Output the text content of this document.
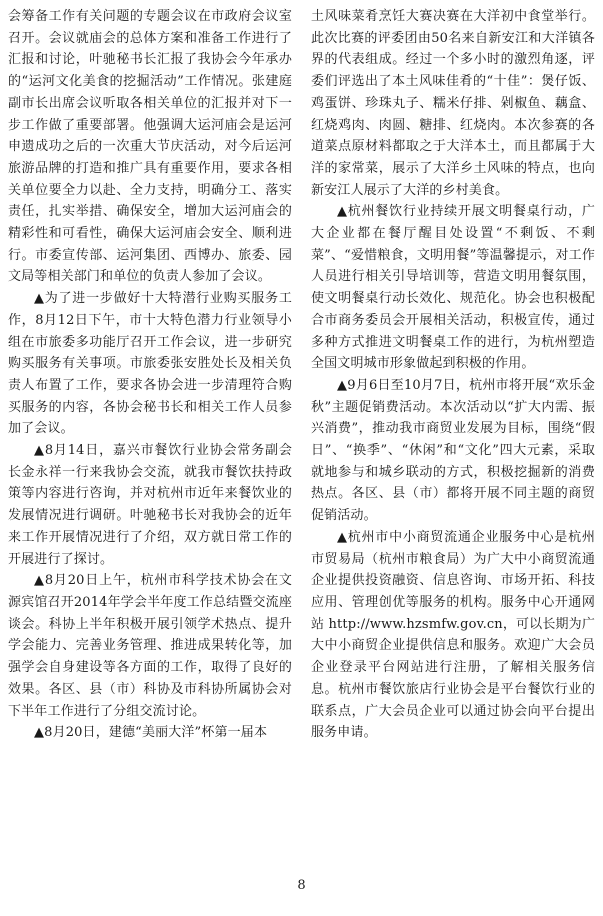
会筹备工作有关问题的专题会议在市政府会议室召开。会议就庙会的总体方案和准备工作进行了汇报和讨论，叶驰秘书长汇报了我协会今年承办的“运河文化美食的挖掘活动”工作情况。张建庭副市长出席会议听取各相关单位的汇报并对下一步工作做了重要部署。他强调大运河庙会是运河申遗成功之后的一次重大节庆活动，对今后运河旅游品牌的打造和推广具有重要作用，要求各相关单位要全力以赴、全力支持，明确分工、落实责任，扎实举措、确保安全，增加大运河庙会的精彩性和可看性，确保大运河庙会安全、顺利进行。市委宣传部、运河集团、西博办、旅委、园文局等相关部门和单位的负责人参加了会议。

▲为了进一步做好十大特潜行业购买服务工作，8月12日下午，市十大特色潜力行业领导小组在市旅委多功能厅召开工作会议，进一步研究购买服务有关事项。市旅委张安胜处长及相关负责人布置了工作，要求各协会进一步清理符合购买服务的内容，各协会秘书长和相关工作人员参加了会议。

▲8月14日，嘉兴市餐饮行业协会常务副会长金永祥一行来我协会交流，就我市餐饮扶持政策等内容进行咨询，并对杭州市近年来餐饮业的发展情况进行调研。叶驰秘书长对我协会的近年来工作开展情况进行了介绍，双方就日常工作的开展进行了探讨。

▲8月20日上午，杭州市科学技术协会在文源宾馆召开2014年学会半年度工作总结暨交流座谈会。科协上半年积极开展引领学术热点、提升学会能力、完善业务管理、推进成果转化等，加强学会自身建设等各方面的工作，取得了良好的效果。各区、县（市）科协及市科协所属协会对下半年工作进行了分组交流讨论。

▲8月20日，建德“美丽大洋”杯第一届本

土风味菜肴烹饪大赛决赛在大洋初中食堂举行。此次比赛的评委团由50名来自新安江和大洋镇各界的代表组成。经过一个多小时的激烈角逐，评委们评选出了本土风味佳肴的“十佳”：煲仔饭、鸡蛋饼、珍珠丸子、糯米仔排、剁椒鱼、藕盒、红烧鸡肉、肉圆、糖排、红烧肉。本次参赛的各道菜点原材料都取之于大洋本土，而且都属于大洋的家常菜，展示了大洋乡土风味的特点，也向新安江人展示了大洋的乡村美食。

▲杭州餐饮行业持续开展文明餐桌行动，广大企业都在餐厅醒目处设置“不剩饭、不剩菜”、“爱惜粮食，文明用餐”等温馨提示，对工作人员进行相关引导培训等，营造文明用餐氛围，使文明餐桌行动长效化、规范化。协会也积极配合市商务委员会开展相关活动，积极宣传，通过多种方式推进文明餐桌工作的进行，为杭州塑造全国文明城市形象做起到积极的作用。

▲9月6日至10月7日，杭州市将开展“欢乐金秋”主题促销费活动。本次活动以“扩大内需、振兴消费”，推动我市商贸业发展为目标，围绕“假日”、“换季”、“休闲”和“文化”四大元素，采取就地参与和城乡联动的方式，积极挖掘新的消费热点。各区、县（市）都将开展不同主题的商贸促销活动。

▲杭州市中小商贸流通企业服务中心是杭州市贸易局（杭州市粮食局）为广大中小商贸流通企业提供投资融资、信息咨询、市场开拓、科技应用、管理创优等服务的机构。服务中心开通网站 http://www.hzsmfw.gov.cn，可以长期为广大中小商贸企业提供信息和服务。欢迎广大会员企业登录平台网站进行注册，了解相关服务信息。杭州市餐饮旅店行业协会是平台餐饮行业的联系点，广大会员企业可以通过协会向平台提出服务申请。

8
